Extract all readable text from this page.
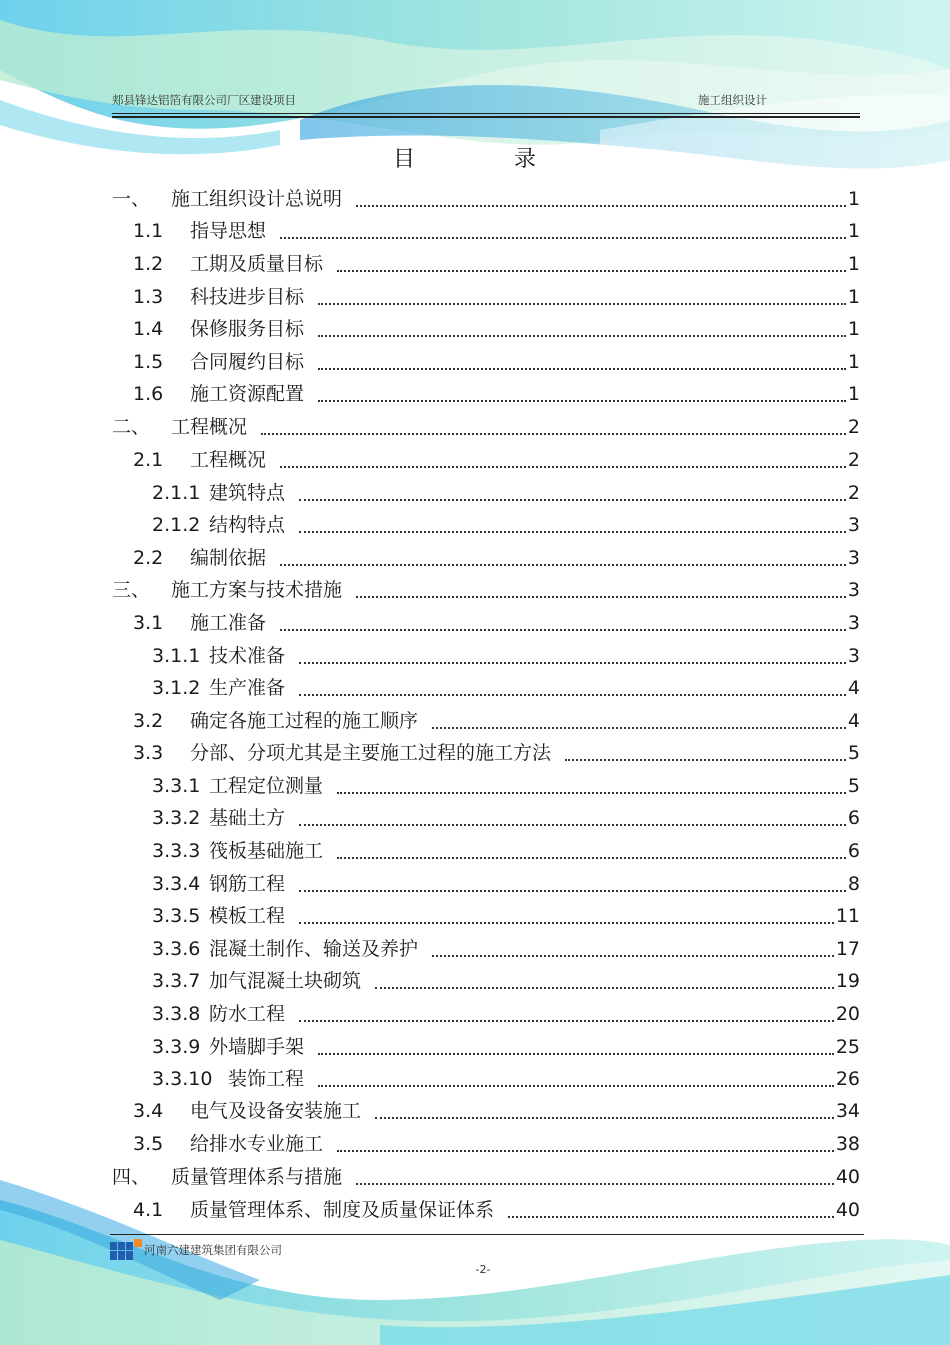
郏县锋达铝箔有限公司厂区建设项目	施工组织设计
目 录
一、 施工组织设计总说明	1
1.1 指导思想	1
1.2 工期及质量目标	1
1.3 科技进步目标	1
1.4 保修服务目标	1
1.5 合同履约目标	1
1.6 施工资源配置	1
二、 工程概况	2
2.1 工程概况	2
2.1.1 建筑特点	2
2.1.2 结构特点	3
2.2 编制依据	3
三、 施工方案与技术措施	3
3.1 施工准备	3
3.1.1 技术准备	3
3.1.2 生产准备	4
3.2 确定各施工过程的施工顺序	4
3.3 分部、分项尤其是主要施工过程的施工方法	5
3.3.1 工程定位测量	5
3.3.2 基础土方	6
3.3.3 筏板基础施工	6
3.3.4 钢筋工程	8
3.3.5 模板工程	11
3.3.6 混凝土制作、输送及养护	17
3.3.7 加气混凝土块砌筑	19
3.3.8 防水工程	20
3.3.9 外墙脚手架	25
3.3.10 装饰工程	26
3.4 电气及设备安装施工	34
3.5 给排水专业施工	38
四、 质量管理体系与措施	40
4.1 质量管理体系、制度及质量保证体系	40
河南六建建筑集团有限公司
-2-
